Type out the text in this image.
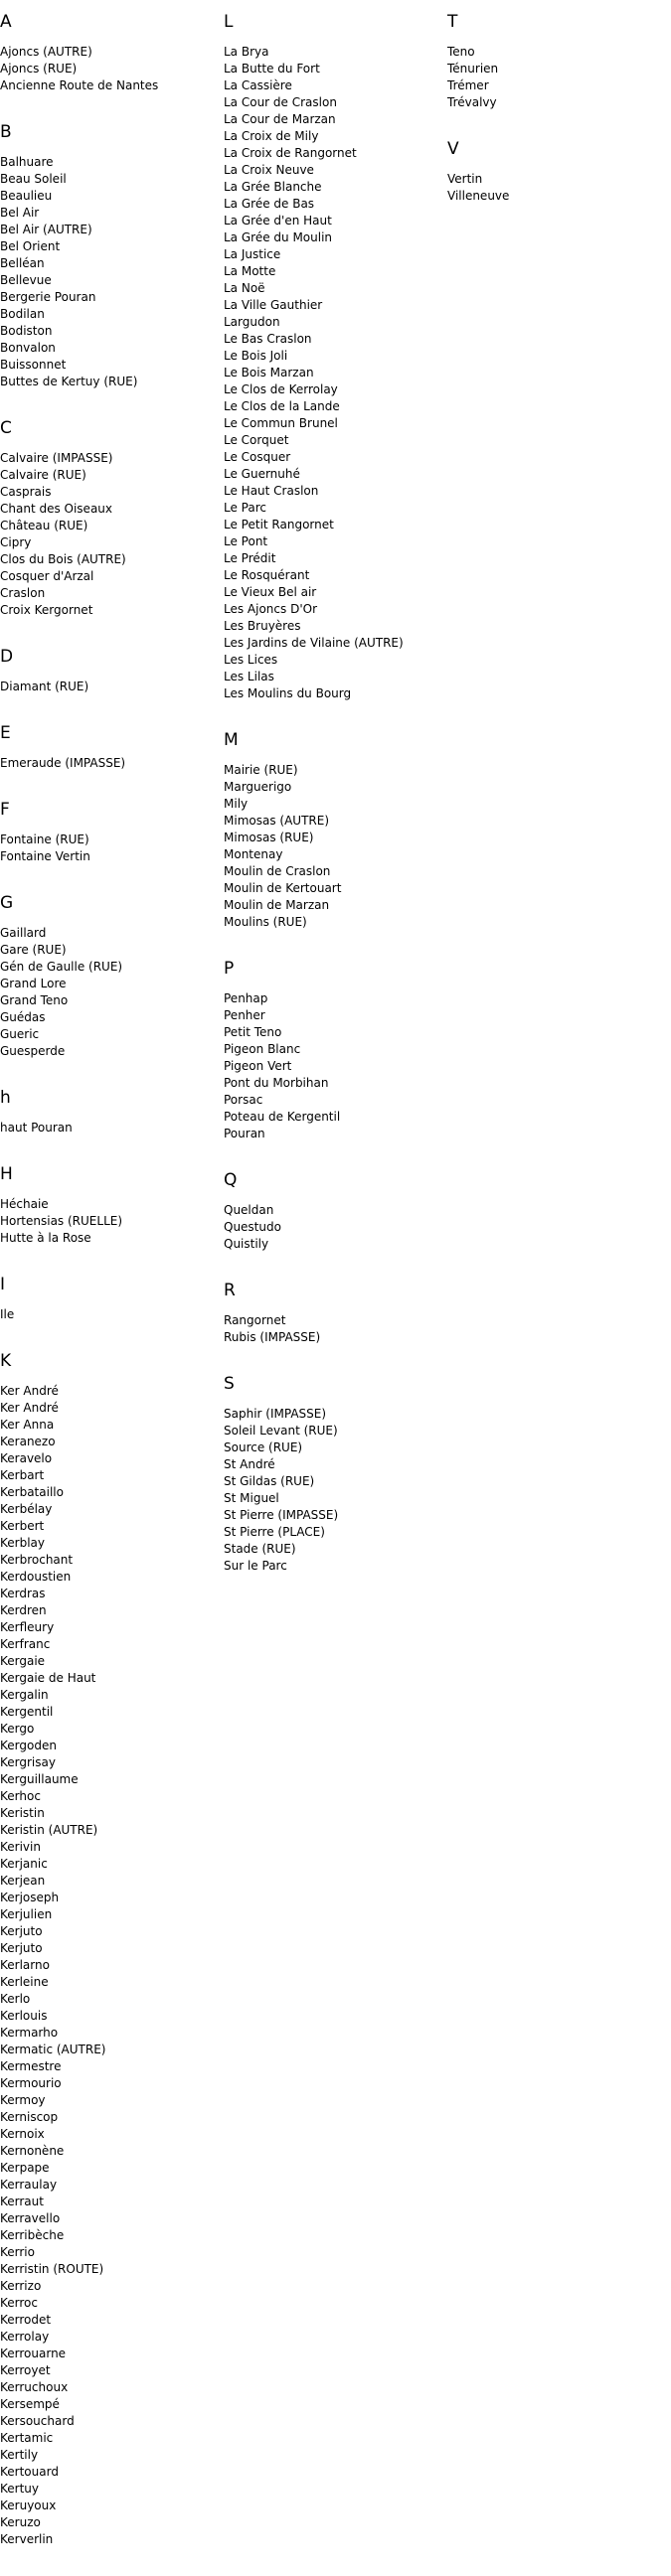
A
Ajoncs (AUTRE)
Ajoncs (RUE)
Ancienne Route de Nantes
B
Balhuare
Beau Soleil
Beaulieu
Bel Air
Bel Air (AUTRE)
Bel Orient
Belléan
Bellevue
Bergerie Pouran
Bodilan
Bodiston
Bonvalon
Buissonnet
Buttes de Kertuy (RUE)
C
Calvaire (IMPASSE)
Calvaire (RUE)
Casprais
Chant des Oiseaux
Château (RUE)
Cipry
Clos du Bois (AUTRE)
Cosquer d'Arzal
Craslon
Croix Kergornet
D
Diamant (RUE)
E
Emeraude (IMPASSE)
F
Fontaine (RUE)
Fontaine Vertin
G
Gaillard
Gare (RUE)
Gén de Gaulle (RUE)
Grand Lore
Grand Teno
Guédas
Gueric
Guesperde
h
haut Pouran
H
Héchaie
Hortensias (RUELLE)
Hutte à la Rose
I
Ile
K
Ker André
Ker André
Ker Anna
Keranezo
Keravelo
Kerbart
Kerbataillo
Kerbélay
Kerbert
Kerblay
Kerbrochant
Kerdoustien
Kerdras
Kerdren
Kerfleury
Kerfranc
Kergaie
Kergaie de Haut
Kergalin
Kergentil
Kergo
Kergoden
Kergrisay
Kerguillaume
Kerhoc
Keristin
Keristin (AUTRE)
Kerivin
Kerjanic
Kerjean
Kerjoseph
Kerjulien
Kerjuto
Kerjuto
Kerlarno
Kerleine
Kerlo
Kerlouis
Kermarho
Kermatic (AUTRE)
Kermestre
Kermourio
Kermoy
Kerniscop
Kernoix
Kernonène
Kerpape
Kerraulay
Kerraut
Kerravello
Kerribèche
Kerrio
Kerristin (ROUTE)
Kerrizo
Kerroc
Kerrodet
Kerrolay
Kerrouarne
Kerroyet
Kerruchoux
Kersempé
Kersouchard
Kertamic
Kertily
Kertouard
Kertuy
Keruyoux
Keruzo
Kerverlin
L
La Brya
La Butte du Fort
La Cassière
La Cour de Craslon
La Cour de Marzan
La Croix de Mily
La Croix de Rangornet
La Croix Neuve
La Grée Blanche
La Grée de Bas
La Grée d'en Haut
La Grée du Moulin
La Justice
La Motte
La Noë
La Ville Gauthier
Largudon
Le Bas Craslon
Le Bois Joli
Le Bois Marzan
Le Clos de Kerrolay
Le Clos de la Lande
Le Commun Brunel
Le Corquet
Le Cosquer
Le Guernuhé
Le Haut Craslon
Le Parc
Le Petit Rangornet
Le Pont
Le Prédit
Le Rosquérant
Le Vieux Bel air
Les Ajoncs D'Or
Les Bruyères
Les Jardins de Vilaine (AUTRE)
Les Lices
Les Lilas
Les Moulins du Bourg
M
Mairie (RUE)
Marguerigo
Mily
Mimosas (AUTRE)
Mimosas (RUE)
Montenay
Moulin de Craslon
Moulin de Kertouart
Moulin de Marzan
Moulins (RUE)
P
Penhap
Penher
Petit Teno
Pigeon Blanc
Pigeon Vert
Pont du Morbihan
Porsac
Poteau de Kergentil
Pouran
Q
Queldan
Questudo
Quistily
R
Rangornet
Rubis (IMPASSE)
S
Saphir (IMPASSE)
Soleil Levant (RUE)
Source (RUE)
St André
St Gildas (RUE)
St Miguel
St Pierre (IMPASSE)
St Pierre (PLACE)
Stade (RUE)
Sur le Parc
T
Teno
Ténurien
Trémer
Trévalvy
V
Vertin
Villeneuve
